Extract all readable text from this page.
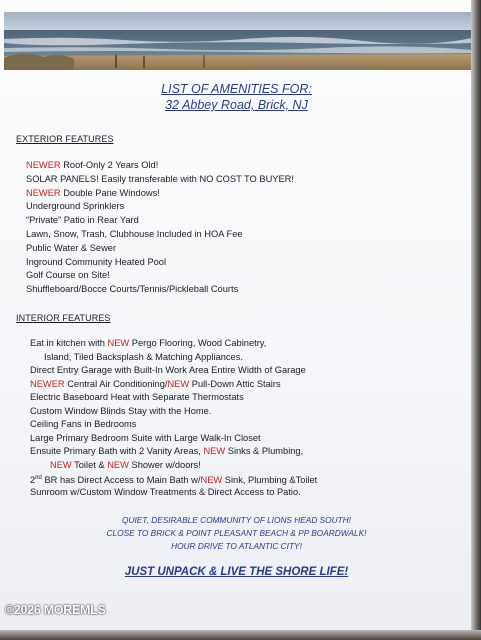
LIST OF AMENITIES FOR:
32 Abbey Road, Brick, NJ
EXTERIOR FEATURES
NEWER Roof-Only 2 Years Old!
SOLAR PANELS! Easily transferable with NO COST TO BUYER!
NEWER Double Pane Windows!
Underground Sprinklers
“Private” Patio in Rear Yard
Lawn, Snow, Trash, Clubhouse Included in HOA Fee
Public Water & Sewer
Inground Community Heated Pool
Golf Course on Site!
Shuffleboard/Bocce Courts/Tennis/Pickleball Courts
INTERIOR FEATURES
Eat in kitchen with NEW Pergo Flooring, Wood Cabinetry,
Island, Tiled Backsplash & Matching Appliances.
Direct Entry Garage with Built-In Work Area Entire Width of Garage
NEWER Central Air Conditioning/NEW Pull-Down Attic Stairs
Electric Baseboard Heat with Separate Thermostats
Custom Window Blinds Stay with the Home.
Ceiling Fans in Bedrooms
Large Primary Bedroom Suite with Large Walk-In Closet
Ensuite Primary Bath with 2 Vanity Areas, NEW Sinks & Plumbing,
NEW Toilet & NEW Shower w/doors!
2nd BR has Direct Access to Main Bath w/NEW Sink, Plumbing &Toilet
Sunroom w/Custom Window Treatments & Direct Access to Patio.
QUIET, DESIRABLE COMMUNITY OF LIONS HEAD SOUTH!
CLOSE TO BRICK & POINT PLEASANT BEACH & PP BOARDWALK!
HOUR DRIVE TO ATLANTIC CITY!
JUST UNPACK & LIVE THE SHORE LIFE!
©2026 MOREMLS
